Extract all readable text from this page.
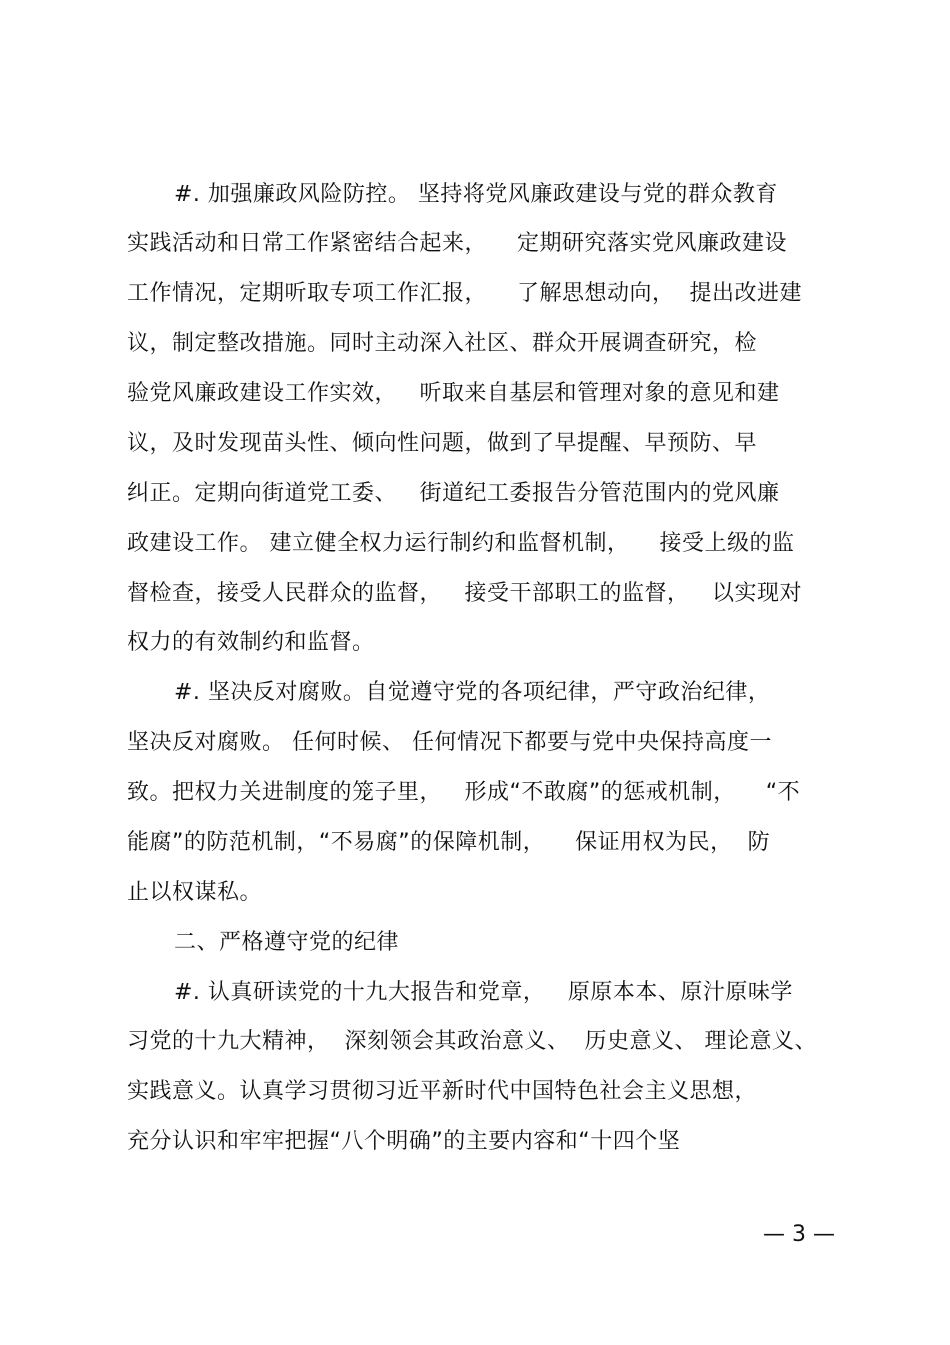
#. 加强廉政风险防控。 坚持将党风廉政建设与党的群众教育
实践活动和日常工作紧密结合起来，    定期研究落实党风廉政建设
工作情况，定期听取专项工作汇报，    了解思想动向，  提出改进建
议，制定整改措施。同时主动深入社区、群众开展调查研究，检
验党风廉政建设工作实效，   听取来自基层和管理对象的意见和建
议，及时发现苗头性、倾向性问题，做到了早提醒、早预防、早
纠正。定期向街道党工委、   街道纪工委报告分管范围内的党风廉
政建设工作。 建立健全权力运行制约和监督机制，    接受上级的监
督检查，接受人民群众的监督，   接受干部职工的监督，   以实现对
权力的有效制约和监督。
#. 坚决反对腐败。自觉遵守党的各项纪律，严守政治纪律，
坚决反对腐败。 任何时候、 任何情况下都要与党中央保持高度一
致。把权力关进制度的笼子里，   形成“不敢腐”的惩戒机制，    “不
能腐”的防范机制，“不易腐”的保障机制，    保证用权为民，  防
止以权谋私。
二、严格遵守党的纪律
#. 认真研读党的十九大报告和党章，   原原本本、原汁原味学
习党的十九大精神，  深刻领会其政治意义、  历史意义、 理论意义、
实践意义。认真学习贯彻习近平新时代中国特色社会主义思想，
充分认识和牢牢把握“八个明确”的主要内容和“十四个坚
— 3 —
